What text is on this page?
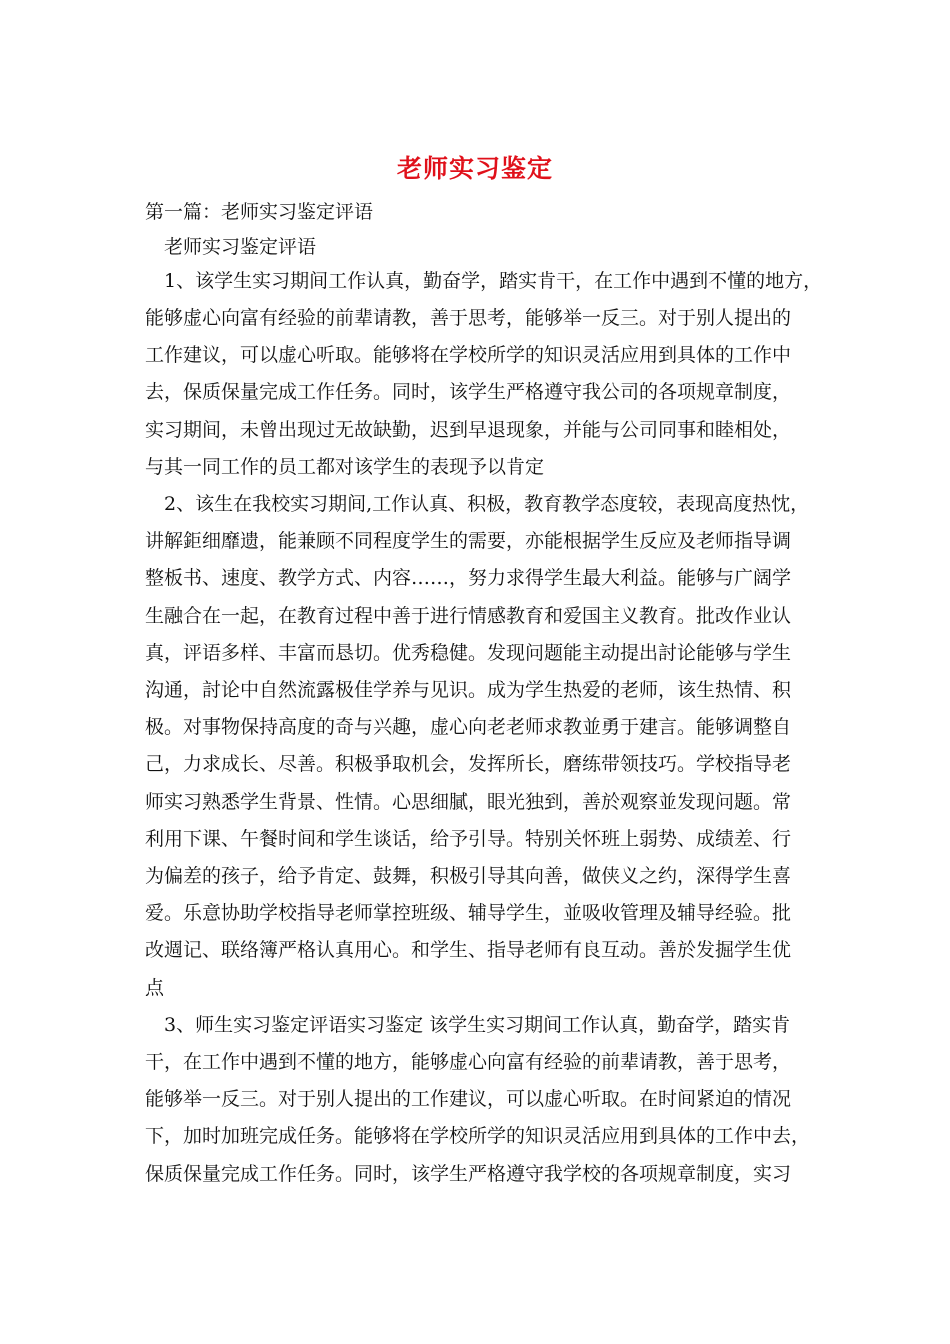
老师实习鉴定
第一篇：老师实习鉴定评语
老师实习鉴定评语
1、该学生实习期间工作认真，勤奋学，踏实肯干，在工作中遇到不懂的地方，
能够虚心向富有经验的前辈请教，善于思考，能够举一反三。对于别人提出的
工作建议，可以虚心听取。能够将在学校所学的知识灵活应用到具体的工作中
去，保质保量完成工作任务。同时，该学生严格遵守我公司的各项规章制度，
实习期间，未曾出现过无故缺勤，迟到早退现象，并能与公司同事和睦相处，
与其一同工作的员工都对该学生的表现予以肯定
2、该生在我校实习期间,工作认真、积极，教育教学态度较，表现高度热忱，
讲解鉅细靡遗，能兼顾不同程度学生的需要，亦能根据学生反应及老师指导调
整板书、速度、教学方式、内容……，努力求得学生最大利益。能够与广阔学
生融合在一起，在教育过程中善于进行情感教育和爱国主义教育。批改作业认
真，评语多样、丰富而恳切。优秀稳健。发现问题能主动提出討论能够与学生
沟通，討论中自然流露极佳学养与见识。成为学生热爱的老师，该生热情、积
极。对事物保持高度的奇与兴趣，虚心向老老师求教並勇于建言。能够调整自
己，力求成长、尽善。积极爭取机会，发挥所长，磨练带领技巧。学校指导老
师实习熟悉学生背景、性情。心思细膩，眼光独到，善於观察並发现问题。常
利用下课、午餐时间和学生谈话，给予引导。特别关怀班上弱势、成绩差、行
为偏差的孩子，给予肯定、鼓舞，积极引导其向善，做侠义之约，深得学生喜
爱。乐意协助学校指导老师掌控班级、辅导学生，並吸收管理及辅导经验。批
改週记、联络簿严格认真用心。和学生、指导老师有良互动。善於发掘学生优
点
3、师生实习鉴定评语实习鉴定 该学生实习期间工作认真，勤奋学，踏实肯
干，在工作中遇到不懂的地方，能够虚心向富有经验的前辈请教，善于思考，
能够举一反三。对于别人提出的工作建议，可以虚心听取。在时间紧迫的情况
下，加时加班完成任务。能够将在学校所学的知识灵活应用到具体的工作中去，
保质保量完成工作任务。同时，该学生严格遵守我学校的各项规章制度，实习
